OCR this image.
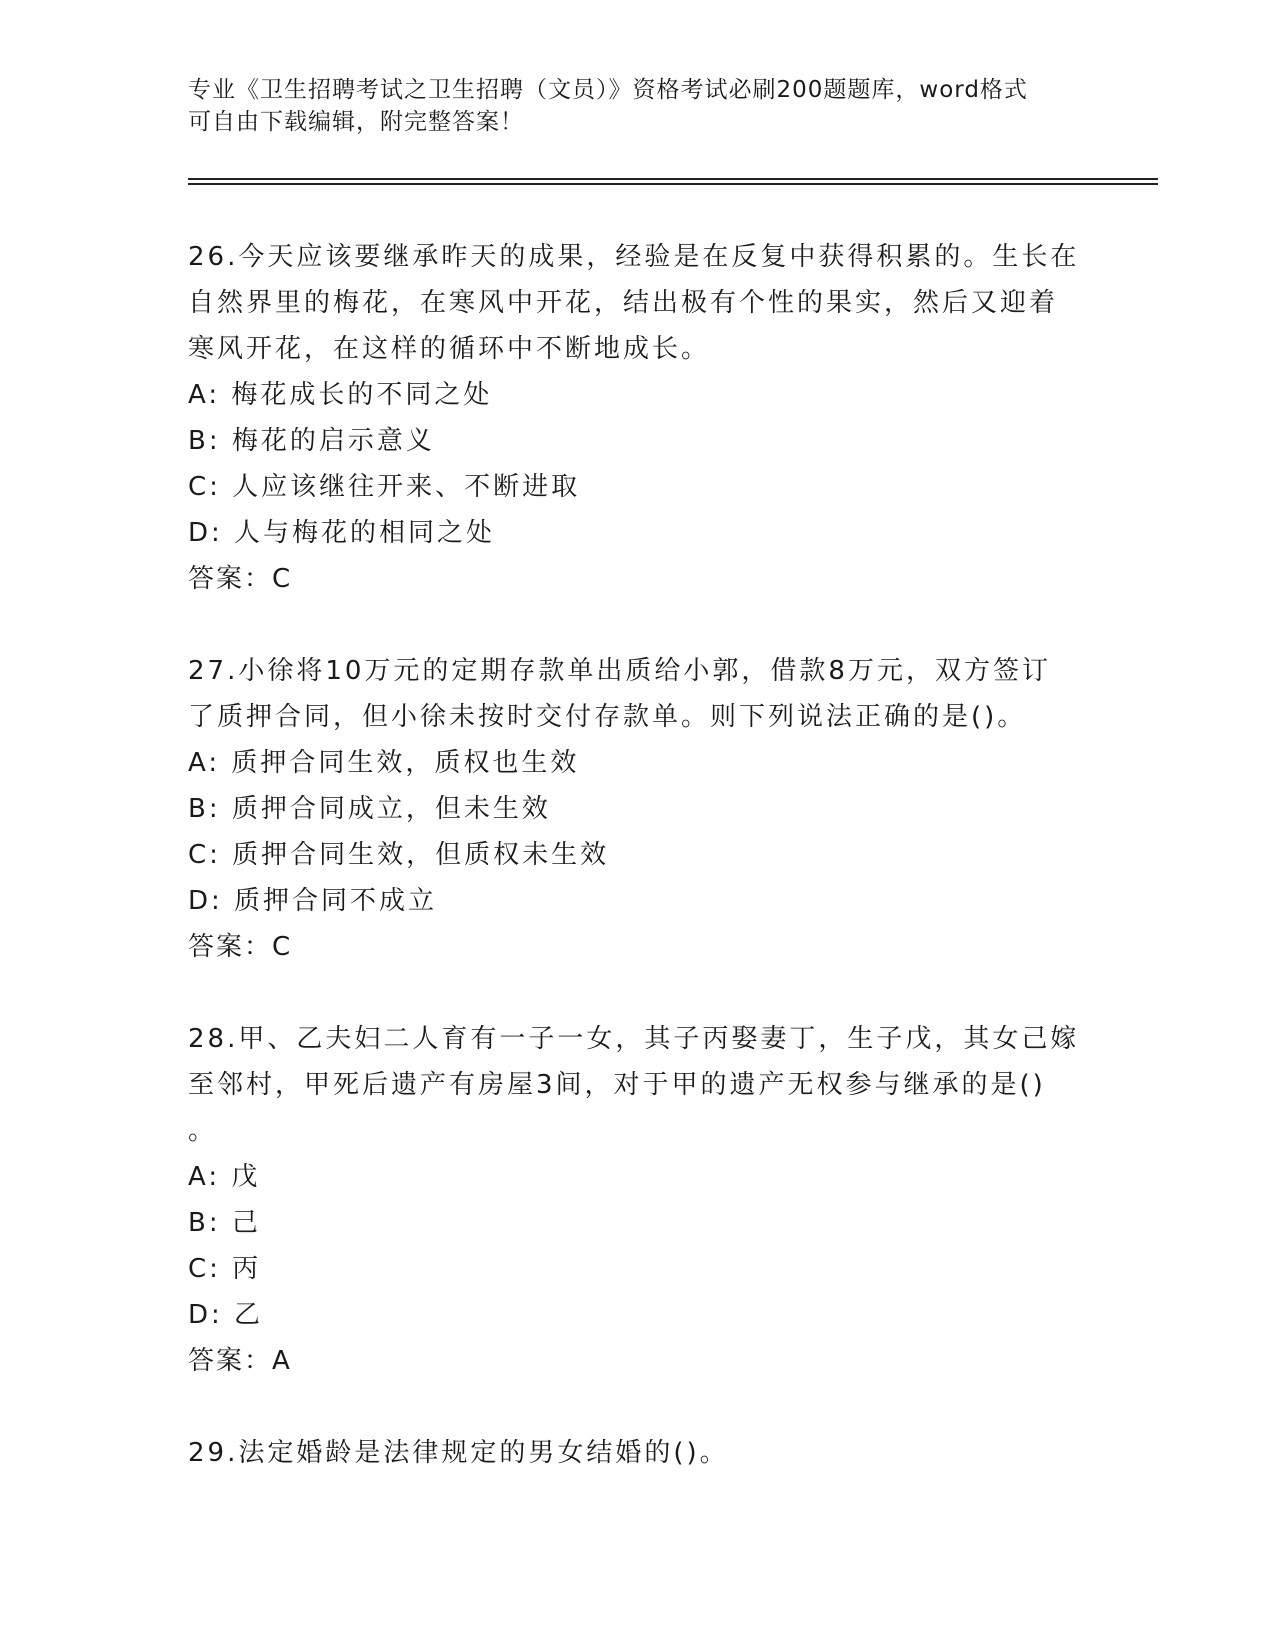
专业《卫生招聘考试之卫生招聘（文员）》资格考试必刷200题题库，word格式
可自由下载编辑，附完整答案！
26.今天应该要继承昨天的成果，经验是在反复中获得积累的。生长在
自然界里的梅花，在寒风中开花，结出极有个性的果实，然后又迎着
寒风开花，在这样的循环中不断地成长。
A: 梅花成长的不同之处
B: 梅花的启示意义
C: 人应该继往开来、不断进取
D: 人与梅花的相同之处
答案：C
27.小徐将10万元的定期存款单出质给小郭，借款8万元，双方签订
了质押合同，但小徐未按时交付存款单。则下列说法正确的是()。
A: 质押合同生效，质权也生效
B: 质押合同成立，但未生效
C: 质押合同生效，但质权未生效
D: 质押合同不成立
答案：C
28.甲、乙夫妇二人育有一子一女，其子丙娶妻丁，生子戊，其女己嫁
至邻村，甲死后遗产有房屋3间，对于甲的遗产无权参与继承的是()
。
A: 戊
B: 己
C: 丙
D: 乙
答案：A
29.法定婚龄是法律规定的男女结婚的()。
